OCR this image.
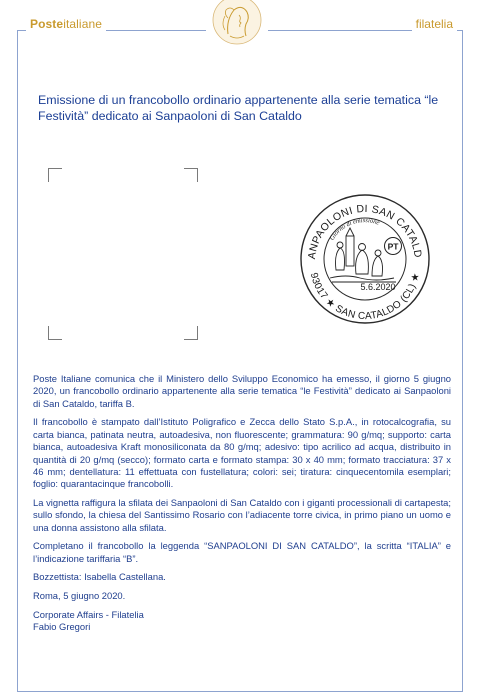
Posteitaliane	filatelia
Emissione di un francobollo ordinario appartenente alla serie tematica “le Festività” dedicato ai Sanpaoloni di San Cataldo
ANPAOLONI DI SAN CATALD
93017 ★ SAN CATALDO (CL) ★
Giorno di emissione
PT
5.6.2020

Poste Italiane comunica che il Ministero dello Sviluppo Economico ha emesso, il giorno 5 giugno 2020, un francobollo ordinario appartenente alla serie tematica “le Festività” dedicato ai Sanpaoloni di San Cataldo, tariffa B.

Il francobollo è stampato dall’Istituto Poligrafico e Zecca dello Stato S.p.A., in rotocalcografia, su carta bianca, patinata neutra, autoadesiva, non fluorescente; grammatura: 90 g/mq; supporto: carta bianca, autoadesiva Kraft monosiliconata da 80 g/mq; adesivo: tipo acrilico ad acqua, distribuito in quantità di 20 g/mq (secco); formato carta e formato stampa: 30 x 40 mm; formato tracciatura: 37 x 46 mm; dentellatura: 11 effettuata con fustellatura; colori: sei; tiratura: cinquecentomila esemplari; foglio: quarantacinque francobolli.

La vignetta raffigura la sfilata dei Sanpaoloni di San Cataldo con i giganti processionali di cartapesta; sullo sfondo, la chiesa del Santissimo Rosario con l’adiacente torre civica, in primo piano un uomo e una donna assistono alla sfilata.

Completano il francobollo la leggenda “SANPAOLONI DI SAN CATALDO”, la scritta “ITALIA” e l’indicazione tariffaria “B”.

Bozzettista: Isabella Castellana.

Roma, 5 giugno 2020.

Corporate Affairs - Filatelia

Fabio Gregori
